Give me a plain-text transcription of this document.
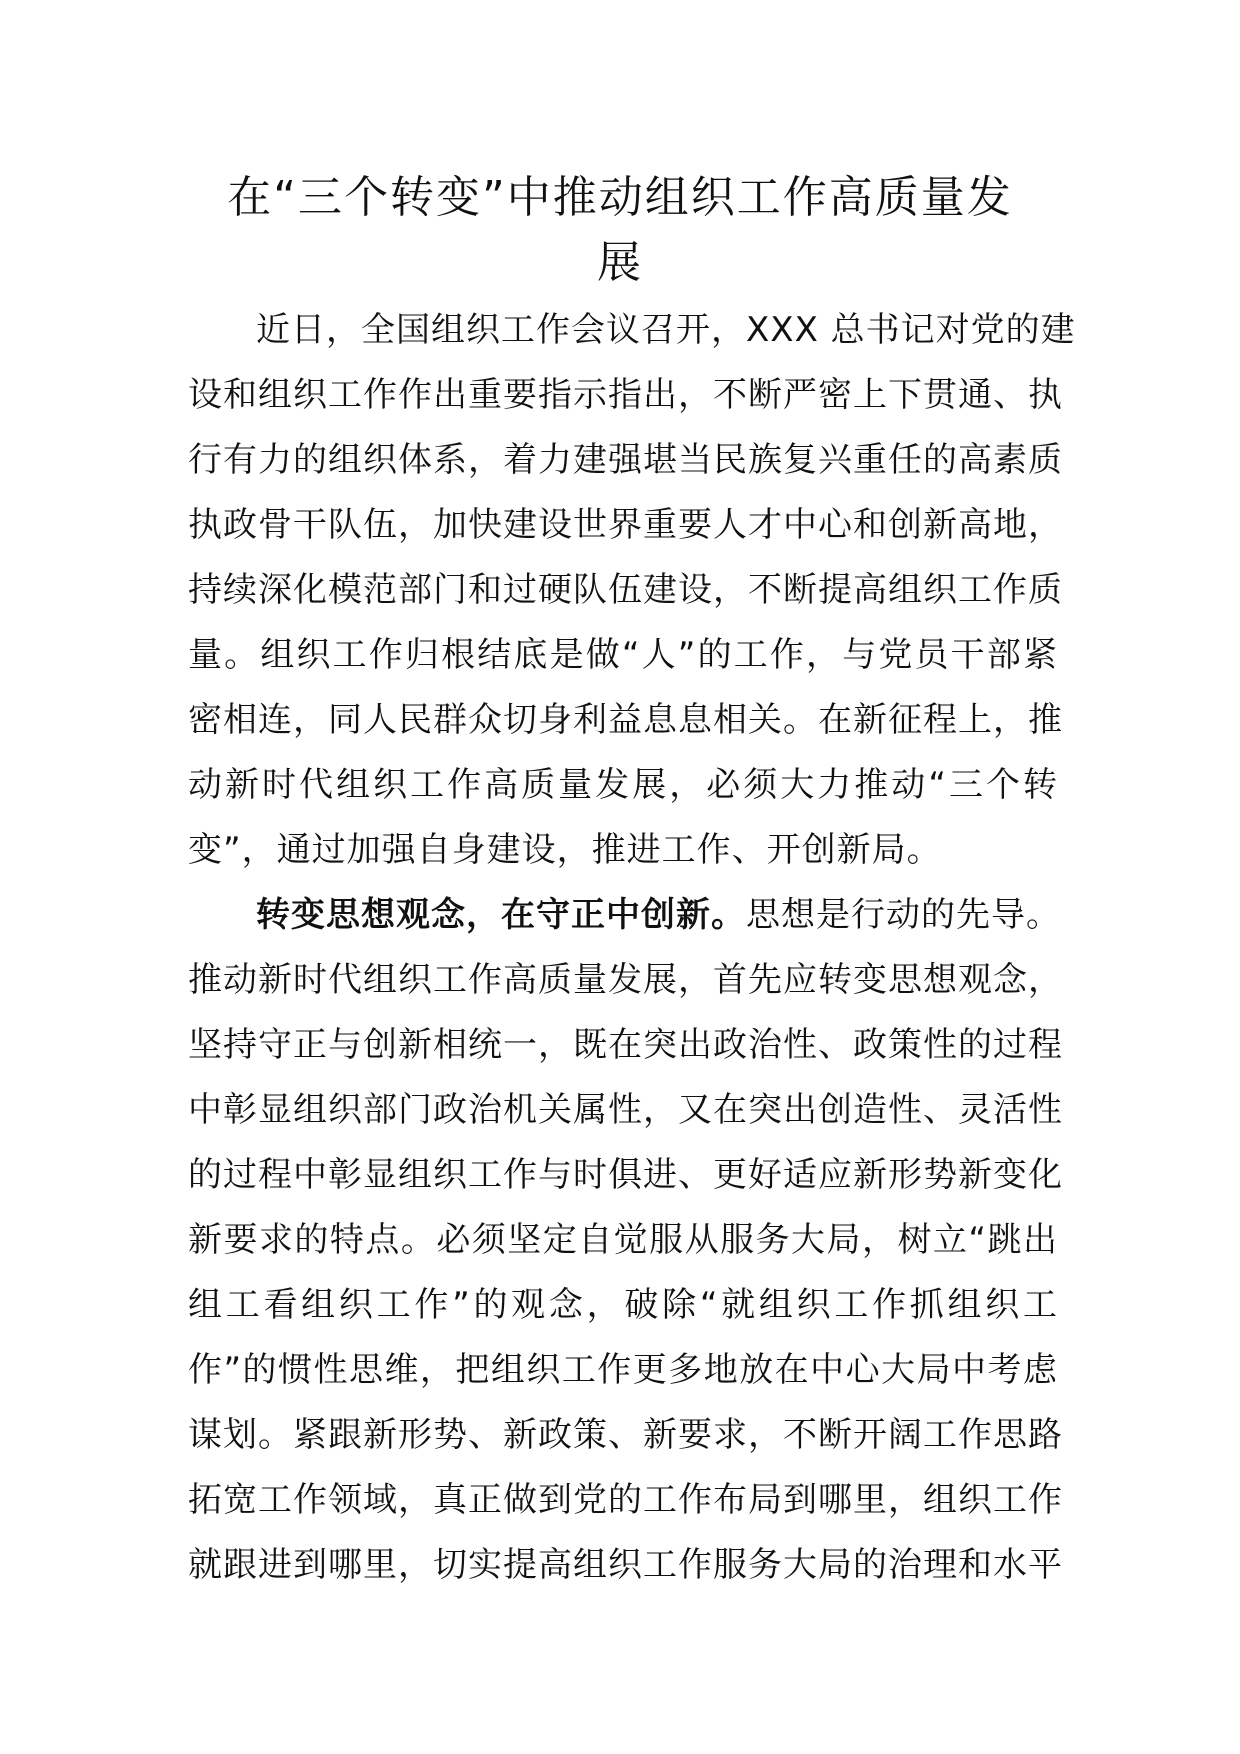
在“三个转变”中推动组织工作高质量发
展
近日，全国组织工作会议召开，XXX 总书记对党的建
设和组织工作作出重要指示指出，不断严密上下贯通、执
行有力的组织体系，着力建强堪当民族复兴重任的高素质
执政骨干队伍，加快建设世界重要人才中心和创新高地，
持续深化模范部门和过硬队伍建设，不断提高组织工作质
量。组织工作归根结底是做“人”的工作，与党员干部紧
密相连，同人民群众切身利益息息相关。在新征程上，推
动新时代组织工作高质量发展，必须大力推动“三个转
变”，通过加强自身建设，推进工作、开创新局。
转变思想观念，在守正中创新。思想是行动的先导。
推动新时代组织工作高质量发展，首先应转变思想观念，
坚持守正与创新相统一，既在突出政治性、政策性的过程
中彰显组织部门政治机关属性，又在突出创造性、灵活性
的过程中彰显组织工作与时俱进、更好适应新形势新变化
新要求的特点。必须坚定自觉服从服务大局，树立“跳出
组工看组织工作”的观念，破除“就组织工作抓组织工
作”的惯性思维，把组织工作更多地放在中心大局中考虑
谋划。紧跟新形势、新政策、新要求，不断开阔工作思路
拓宽工作领域，真正做到党的工作布局到哪里，组织工作
就跟进到哪里，切实提高组织工作服务大局的治理和水平
